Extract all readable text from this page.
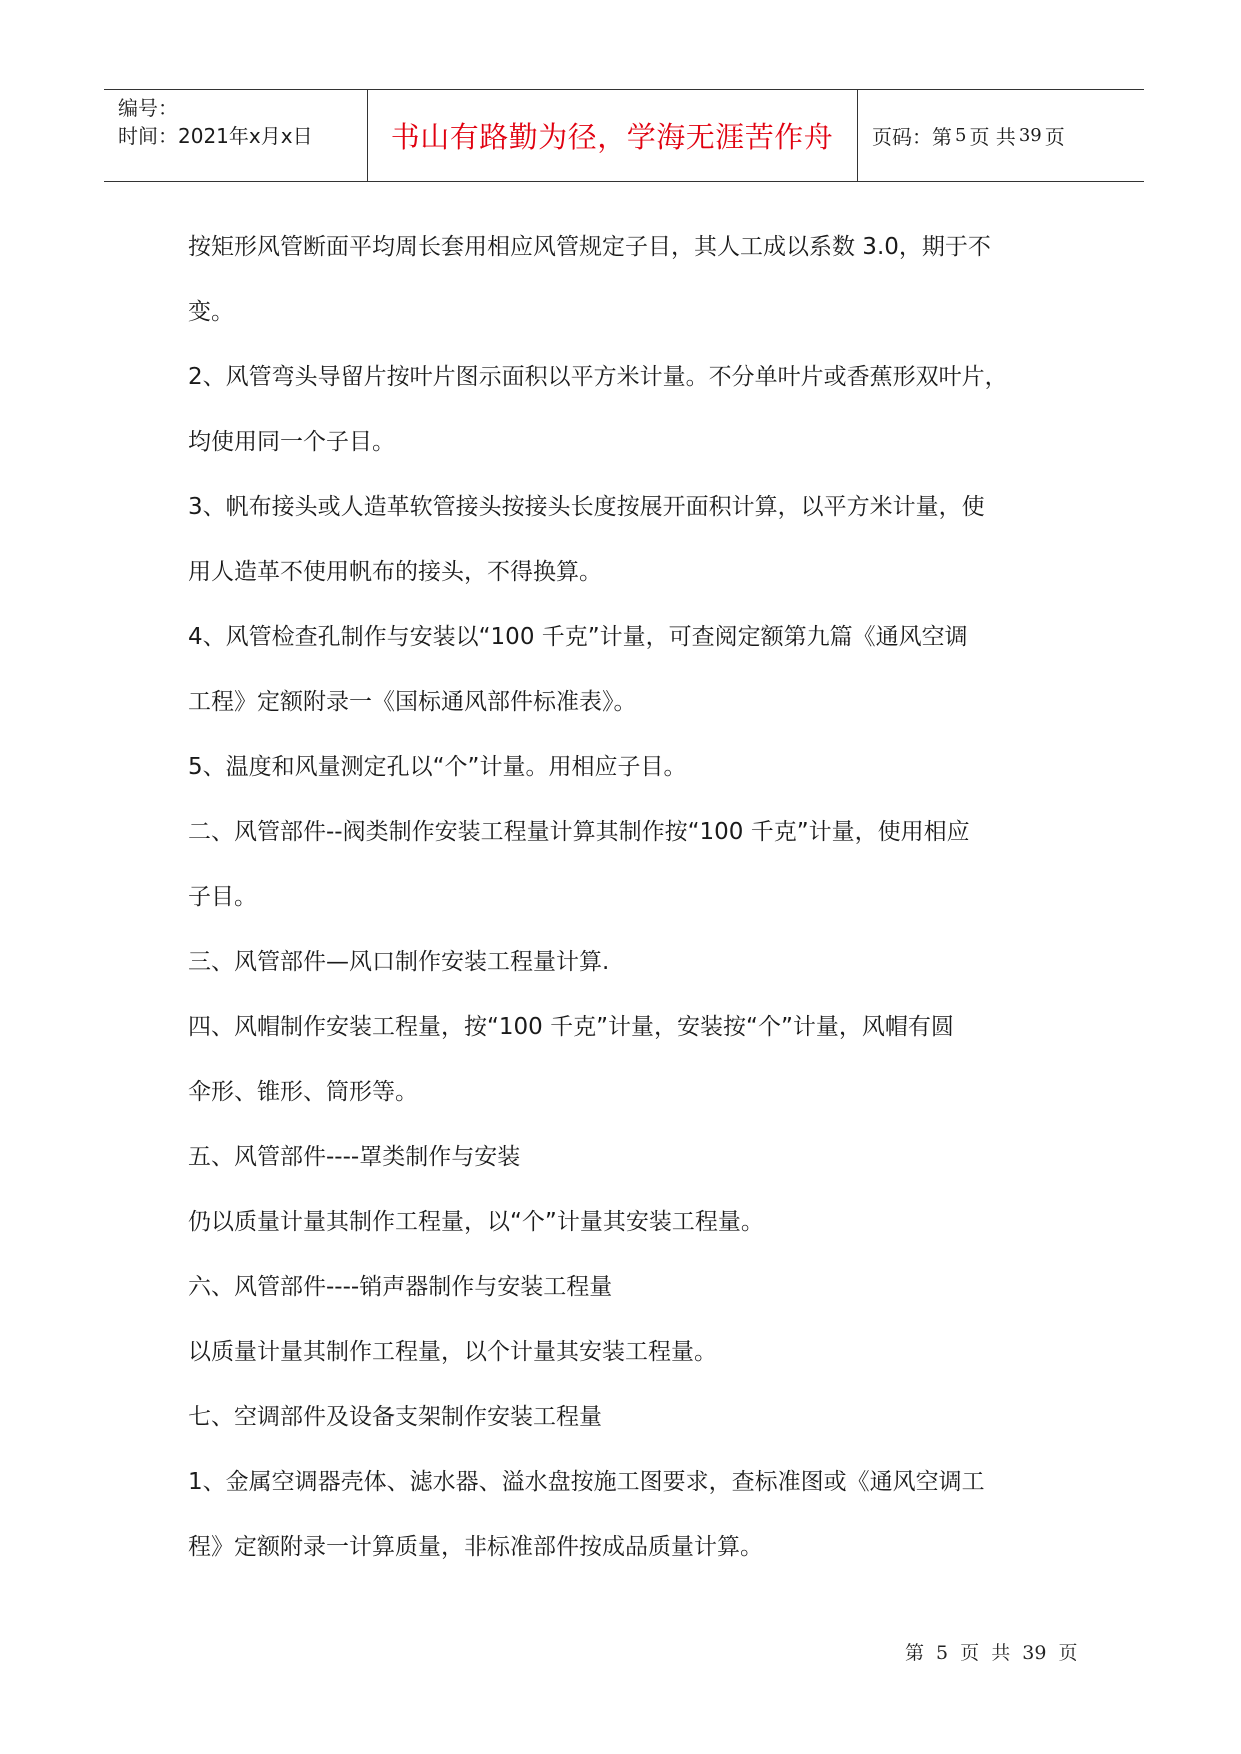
编号：
时间：2021年x月x日	书山有路勤为径，学海无涯苦作舟	页码：第 5 页 共 39 页

按矩形风管断面平均周长套用相应风管规定子目，其人工成以系数 3.0，期于不

变。

2、风管弯头导留片按叶片图示面积以平方米计量。不分单叶片或香蕉形双叶片，

均使用同一个子目。

3、帆布接头或人造革软管接头按接头长度按展开面积计算，以平方米计量，使

用人造革不使用帆布的接头，不得换算。

4、风管检查孔制作与安装以“100 千克”计量，可查阅定额第九篇《通风空调

工程》定额附录一《国标通风部件标准表》。

5、温度和风量测定孔以“个”计量。用相应子目。

二、风管部件--阀类制作安装工程量计算其制作按“100 千克”计量，使用相应

子目。

三、风管部件—风口制作安装工程量计算.

四、风帽制作安装工程量，按“100 千克”计量，安装按“个”计量，风帽有圆

伞形、锥形、筒形等。

五、风管部件----罩类制作与安装

仍以质量计量其制作工程量，以“个”计量其安装工程量。

六、风管部件----销声器制作与安装工程量

以质量计量其制作工程量，以个计量其安装工程量。

七、空调部件及设备支架制作安装工程量

1、金属空调器壳体、滤水器、溢水盘按施工图要求，查标准图或《通风空调工

程》定额附录一计算质量，非标准部件按成品质量计算。

第 5 页 共 39 页
